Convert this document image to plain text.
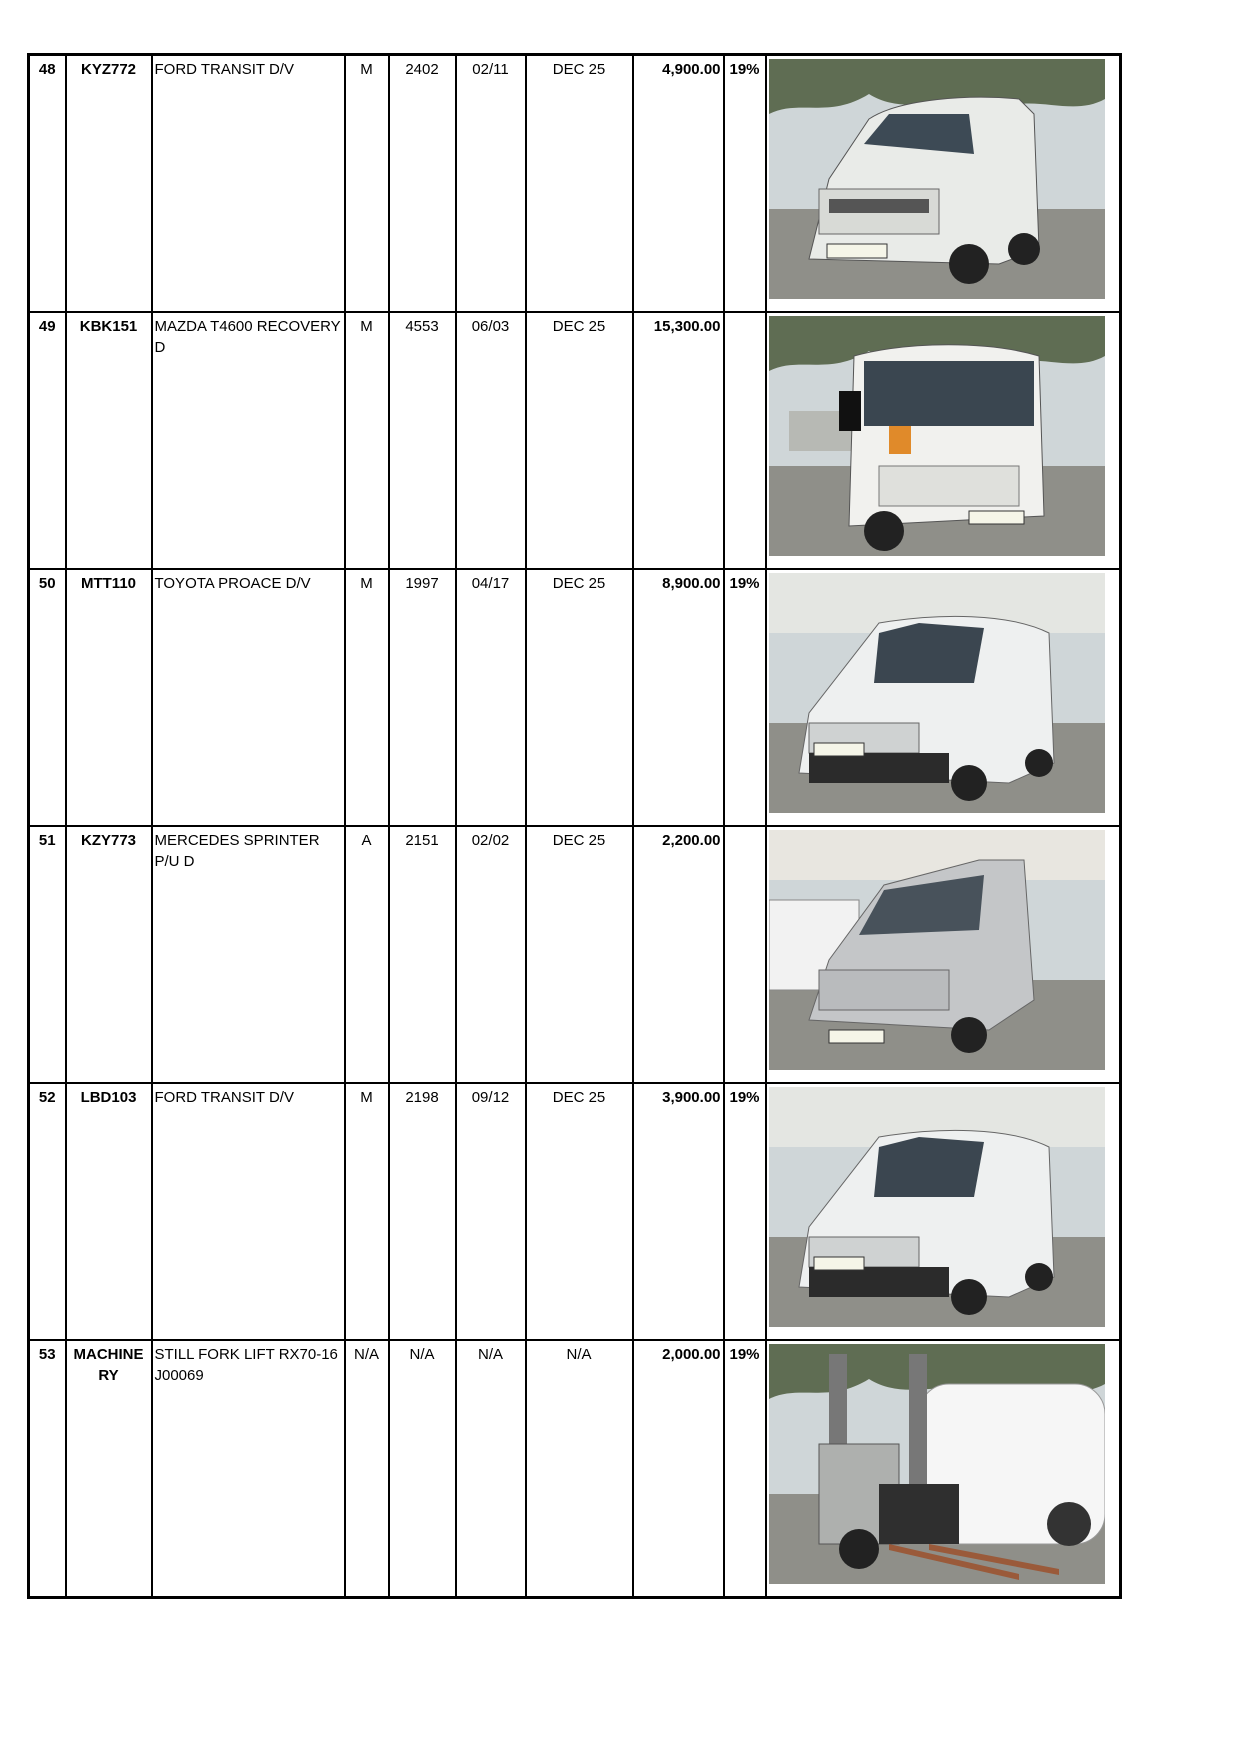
48	KYZ772	FORD TRANSIT D/V	M	2402	02/11	DEC 25	4,900.00	19%	

49	KBK151	MAZDA T4600 RECOVERY D	M	4553	06/03	DEC 25	15,300.00		

50	MTT110	TOYOTA PROACE D/V	M	1997	04/17	DEC 25	8,900.00	19%	

51	KZY773	MERCEDES SPRINTER P/U D	A	2151	02/02	DEC 25	2,200.00		

52	LBD103	FORD TRANSIT D/V	M	2198	09/12	DEC 25	3,900.00	19%	

53	MACHINE RY	STILL FORK LIFT RX70-16 J00069	N/A	N/A	N/A	N/A	2,000.00	19%	
